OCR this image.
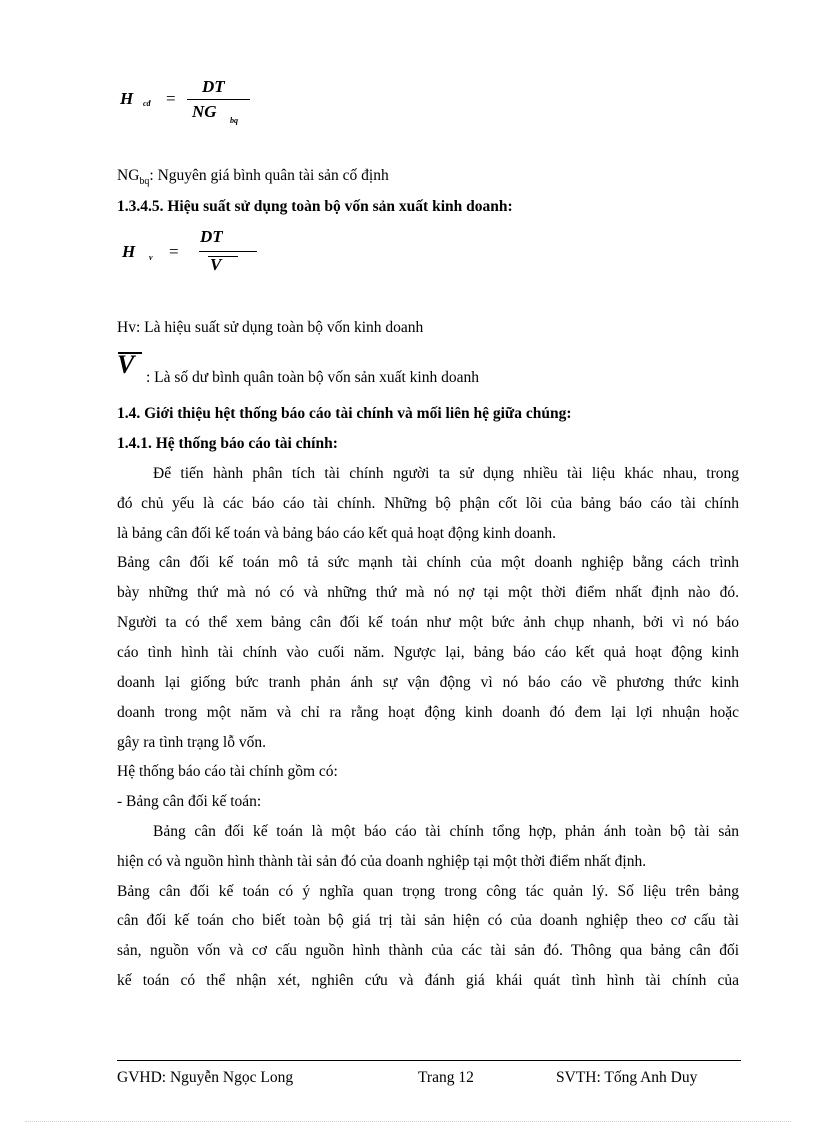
H cđ =
DT
NG bq
$NG_{bq}$: Nguyên giá bình quân tài sản cố định
1.3.4.5. Hiệu suất sử dụng toàn bộ vốn sản xuất kinh doanh:
H v =
DT
V
Hv: Là hiệu suất sử dụng toàn bộ vốn kinh doanh
V : Là số dư bình quân toàn bộ vốn sản xuất kinh doanh
1.4. Giới thiệu hệt thống báo cáo tài chính và mối liên hệ giữa chúng:
1.4.1. Hệ thống báo cáo tài chính:
Để tiến hành phân tích tài chính người ta sử dụng nhiều tài liệu khác nhau, trong
đó chủ yếu là các báo cáo tài chính. Những bộ phận cốt lõi của bảng báo cáo tài chính
là bảng cân đối kế toán và bảng báo cáo kết quả hoạt động kinh doanh.
Bảng cân đối kế toán mô tả sức mạnh tài chính của một doanh nghiệp bằng cách trình
bày những thứ mà nó có và những thứ mà nó nợ tại một thời điểm nhất định nào đó.
Người ta có thể xem bảng cân đối kế toán như một bức ảnh chụp nhanh, bởi vì nó báo
cáo tình hình tài chính vào cuối năm. Ngược lại, bảng báo cáo kết quả hoạt động kinh
doanh lại giống bức tranh phản ánh sự vận động vì nó báo cáo về phương thức kinh
doanh trong một năm và chỉ ra rằng hoạt động kinh doanh đó đem lại lợi nhuận hoặc
gây ra tình trạng lỗ vốn.
Hệ thống báo cáo tài chính gồm có:
- Bảng cân đối kế toán:
Bảng cân đối kế toán là một báo cáo tài chính tổng hợp, phản ánh toàn bộ tài sản
hiện có và nguồn hình thành tài sản đó của doanh nghiệp tại một thời điểm nhất định.
Bảng cân đối kế toán có ý nghĩa quan trọng trong công tác quản lý. Số liệu trên bảng
cân đối kế toán cho biết toàn bộ giá trị tài sản hiện có của doanh nghiệp theo cơ cấu tài
sản, nguồn vốn và cơ cấu nguồn hình thành của các tài sản đó. Thông qua bảng cân đối
kế toán có thể nhận xét, nghiên cứu và đánh giá khái quát tình hình tài chính của
GVHD: Nguyễn Ngọc Long	Trang 12	SVTH: Tống Anh Duy
